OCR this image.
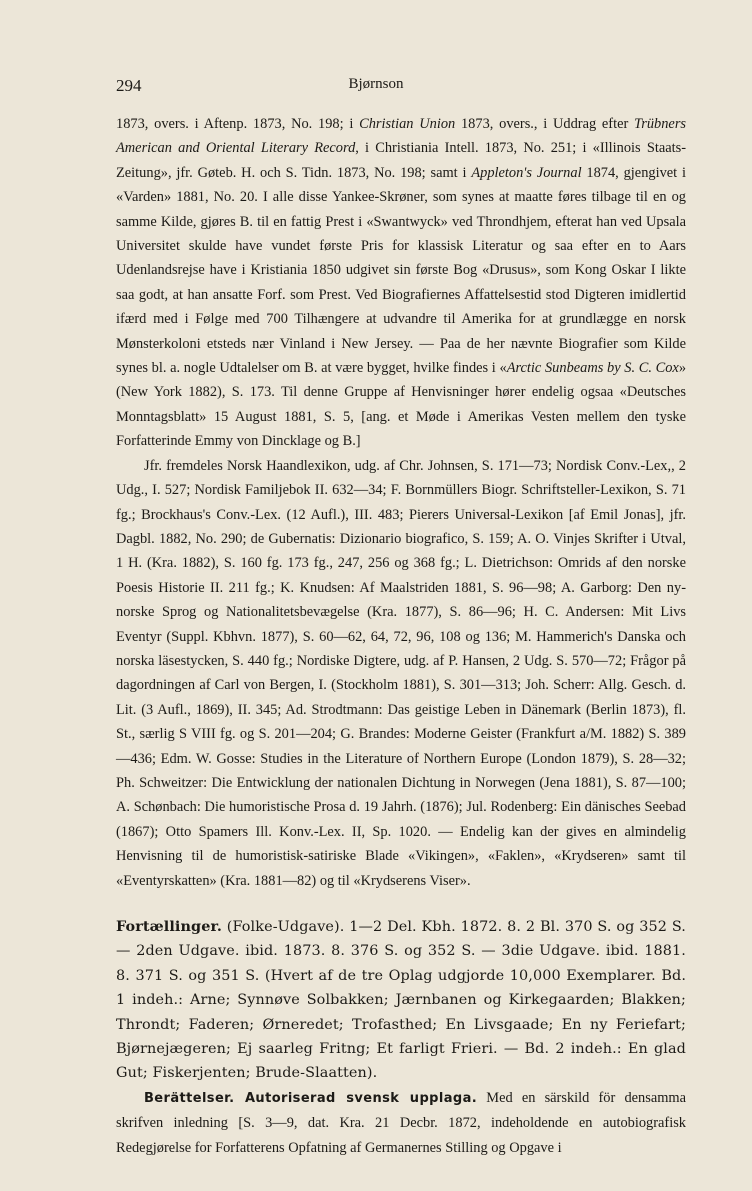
294	Bjørnson

1873, overs. i Aftenp. 1873, No. 198; i Christian Union 1873, overs., i Uddrag efter Trübners American and Oriental Literary Record, i Christiania Intell. 1873, No. 251; i «Illinois Staats-Zeitung», jfr. Gøteb. H. och S. Tidn. 1873, No. 198; samt i Appleton's Journal 1874, gjengivet i «Varden» 1881, No. 20. I alle disse Yankee-Skrøner, som synes at maatte føres tilbage til en og samme Kilde, gjøres B. til en fattig Prest i «Swantwyck» ved Throndhjem, efterat han ved Upsala Universitet skulde have vundet første Pris for klassisk Literatur og saa efter en to Aars Udenlandsrejse have i Kristiania 1850 udgivet sin første Bog «Drusus», som Kong Oskar I likte saa godt, at han ansatte Forf. som Prest. Ved Biografiernes Affattelsestid stod Digteren imidlertid ifærd med i Følge med 700 Tilhængere at udvandre til Amerika for at grundlægge en norsk Mønsterkoloni etsteds nær Vinland i New Jersey. — Paa de her nævnte Biografier som Kilde synes bl. a. nogle Udtalelser om B. at være bygget, hvilke findes i «Arctic Sunbeams by S. C. Cox» (New York 1882), S. 173. Til denne Gruppe af Henvisninger hører endelig ogsaa «Deutsches Monntagsblatt» 15 August 1881, S. 5, [ang. et Møde i Amerikas Vesten mellem den tyske Forfatterinde Emmy von Dincklage og B.]

Jfr. fremdeles Norsk Haandlexikon, udg. af Chr. Johnsen, S. 171—73; Nordisk Conv.-Lex,, 2 Udg., I. 527; Nordisk Familjebok II. 632—34; F. Bornmüllers Biogr. Schriftsteller-Lexikon, S. 71 fg.; Brockhaus's Conv.-Lex. (12 Aufl.), III. 483; Pierers Universal-Lexikon [af Emil Jonas], jfr. Dagbl. 1882, No. 290; de Gubernatis: Dizionario biografico, S. 159; A. O. Vinjes Skrifter i Utval, 1 H. (Kra. 1882), S. 160 fg. 173 fg., 247, 256 og 368 fg.; L. Dietrichson: Omrids af den norske Poesis Historie II. 211 fg.; K. Knudsen: Af Maalstriden 1881, S. 96—98; A. Garborg: Den ny-norske Sprog og Nationalitetsbevægelse (Kra. 1877), S. 86—96; H. C. Andersen: Mit Livs Eventyr (Suppl. Kbhvn. 1877), S. 60—62, 64, 72, 96, 108 og 136; M. Hammerich's Danska och norska läsestycken, S. 440 fg.; Nordiske Digtere, udg. af P. Hansen, 2 Udg. S. 570—72; Frågor på dagordningen af Carl von Bergen, I. (Stockholm 1881), S. 301—313; Joh. Scherr: Allg. Gesch. d. Lit. (3 Aufl., 1869), II. 345; Ad. Strodtmann: Das geistige Leben in Dänemark (Berlin 1873), fl. St., særlig S VIII fg. og S. 201—204; G. Brandes: Moderne Geister (Frankfurt a/M. 1882) S. 389—436; Edm. W. Gosse: Studies in the Literature of Northern Europe (London 1879), S. 28—32; Ph. Schweitzer: Die Entwicklung der nationalen Dichtung in Norwegen (Jena 1881), S. 87—100; A. Schønbach: Die humoristische Prosa d. 19 Jahrh. (1876); Jul. Rodenberg: Ein dänisches Seebad (1867); Otto Spamers Ill. Konv.-Lex. II, Sp. 1020. — Endelig kan der gives en almindelig Henvisning til de humoristisk-satiriske Blade «Vikingen», «Faklen», «Krydseren» samt til «Eventyrskatten» (Kra. 1881—82) og til «Krydserens Viser».

Fortællinger. (Folke-Udgave). 1—2 Del. Kbh. 1872. 8. 2 Bl. 370 S. og 352 S. — 2den Udgave. ibid. 1873. 8. 376 S. og 352 S. — 3die Udgave. ibid. 1881. 8. 371 S. og 351 S. (Hvert af de tre Oplag udgjorde 10,000 Exemplarer. Bd. 1 indeh.: Arne; Synnøve Solbakken; Jærnbanen og Kirkegaarden; Blakken; Throndt; Faderen; Ørneredet; Trofasthed; En Livsgaade; En ny Feriefart; Bjørnejægeren; Ej saarleg Fritng; Et farligt Frieri. — Bd. 2 indeh.: En glad Gut; Fiskerjenten; Brude-Slaatten).

Berättelser. Autoriserad svensk upplaga. Med en särskild för densamma skrifven inledning [S. 3—9, dat. Kra. 21 Decbr. 1872, indeholdende en autobiografisk Redegjørelse for Forfatterens Opfatning af Germanernes Stilling og Opgave i
